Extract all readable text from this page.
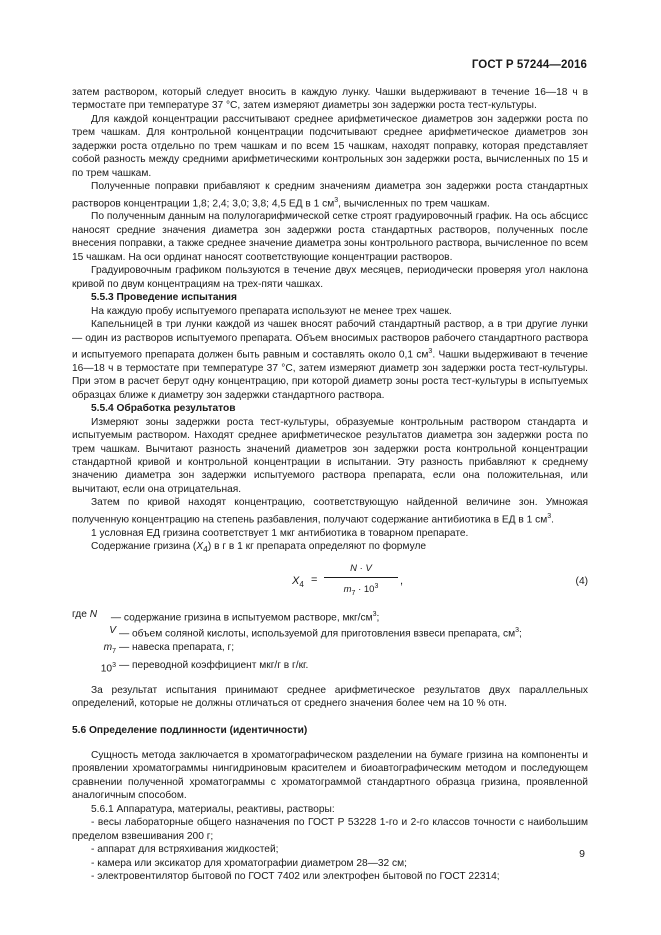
ГОСТ Р 57244—2016

затем раствором, который следует вносить в каждую лунку. Чашки выдерживают в течение 16—18 ч в термостате при температуре 37 °С, затем измеряют диаметры зон задержки роста тест-культуры.

Для каждой концентрации рассчитывают среднее арифметическое диаметров зон задержки роста по трем чашкам. Для контрольной концентрации подсчитывают среднее арифметическое диаметров зон задержки роста отдельно по трем чашкам и по всем 15 чашкам, находят поправку, которая представляет собой разность между средними арифметическими контрольных зон задержки роста, вычисленных по 15 и по трем чашкам.

Полученные поправки прибавляют к средним значениям диаметра зон задержки роста стандартных растворов концентрации 1,8; 2,4; 3,0; 3,8; 4,5 ЕД в 1 $см^3$, вычисленных по трем чашкам.

По полученным данным на полулогарифмической сетке строят градуировочный график. На ось абсцисс наносят средние значения диаметра зон задержки роста стандартных растворов, полученных после внесения поправки, а также среднее значение диаметра зоны контрольного раствора, вычисленное по всем 15 чашкам. На оси ординат наносят соответствующие концентрации растворов.

Градуировочным графиком пользуются в течение двух месяцев, периодически проверяя угол наклона кривой по двум концентрациям на трех-пяти чашках.

5.5.3 Проведение испытания

На каждую пробу испытуемого препарата используют не менее трех чашек.

Капельницей в три лунки каждой из чашек вносят рабочий стандартный раствор, а в три другие лунки — один из растворов испытуемого препарата. Объем вносимых растворов рабочего стандартного раствора и испытуемого препарата должен быть равным и составлять около 0,1 $см^3$. Чашки выдерживают в течение 16—18 ч в термостате при температуре 37 °С, затем измеряют диаметр зон задержки роста тест-культуры. При этом в расчет берут одну концентрацию, при которой диаметр зоны роста тест-культуры в испытуемых образцах ближе к диаметру зон задержки стандартного раствора.

5.5.4 Обработка результатов

Измеряют зоны задержки роста тест-культуры, образуемые контрольным раствором стандарта и испытуемым раствором. Находят среднее арифметическое результатов диаметра зон задержки роста по трем чашкам. Вычитают разность значений диаметров зон задержки роста контрольной концентрации стандартной кривой и контрольной концентрации в испытании. Эту разность прибавляют к среднему значению диаметра зон задержки испытуемого раствора препарата, если она положительная, или вычитают, если она отрицательная.

Затем по кривой находят концентрацию, соответствующую найденной величине зон. Умножая полученную концентрацию на степень разбавления, получают содержание антибиотика в ЕД в 1 $см^3$.

1 условная ЕД гризина соответствует 1 мкг антибиотика в товарном препарате.

Содержание гризина $(X_4)$ в г в 1 кг препарата определяют по формуле

$X_4 = \frac{N \cdot V}{m_7 \cdot 10^3}$ ,	(4)

где N	— содержание гризина в испытуемом растворе, мкг/$см^3$;

V — объем соляной кислоты, используемой для приготовления взвеси препарата, $см^3$;

$m_7$ — навеска препарата, г;

$10^3$ — переводной коэффициент мкг/г в г/кг.

За результат испытания принимают среднее арифметическое результатов двух параллельных определений, которые не должны отличаться от среднего значения более чем на 10 % отн.

5.6 Определение подлинности (идентичности)

Сущность метода заключается в хроматографическом разделении на бумаге гризина на компоненты и проявлении хроматограммы нингидриновым красителем и биоавтографическим методом и последующем сравнении полученной хроматограммы с хроматограммой стандартного образца гризина, проявленной аналогичным способом.

5.6.1 Аппаратура, материалы, реактивы, растворы:

- весы лабораторные общего назначения по ГОСТ Р 53228 1-го и 2-го классов точности с наибольшим пределом взвешивания 200 г;

- аппарат для встряхивания жидкостей;

- камера или эксикатор для хроматографии диаметром 28—32 см;

- электровентилятор бытовой по ГОСТ 7402 или электрофен бытовой по ГОСТ 22314;

9
